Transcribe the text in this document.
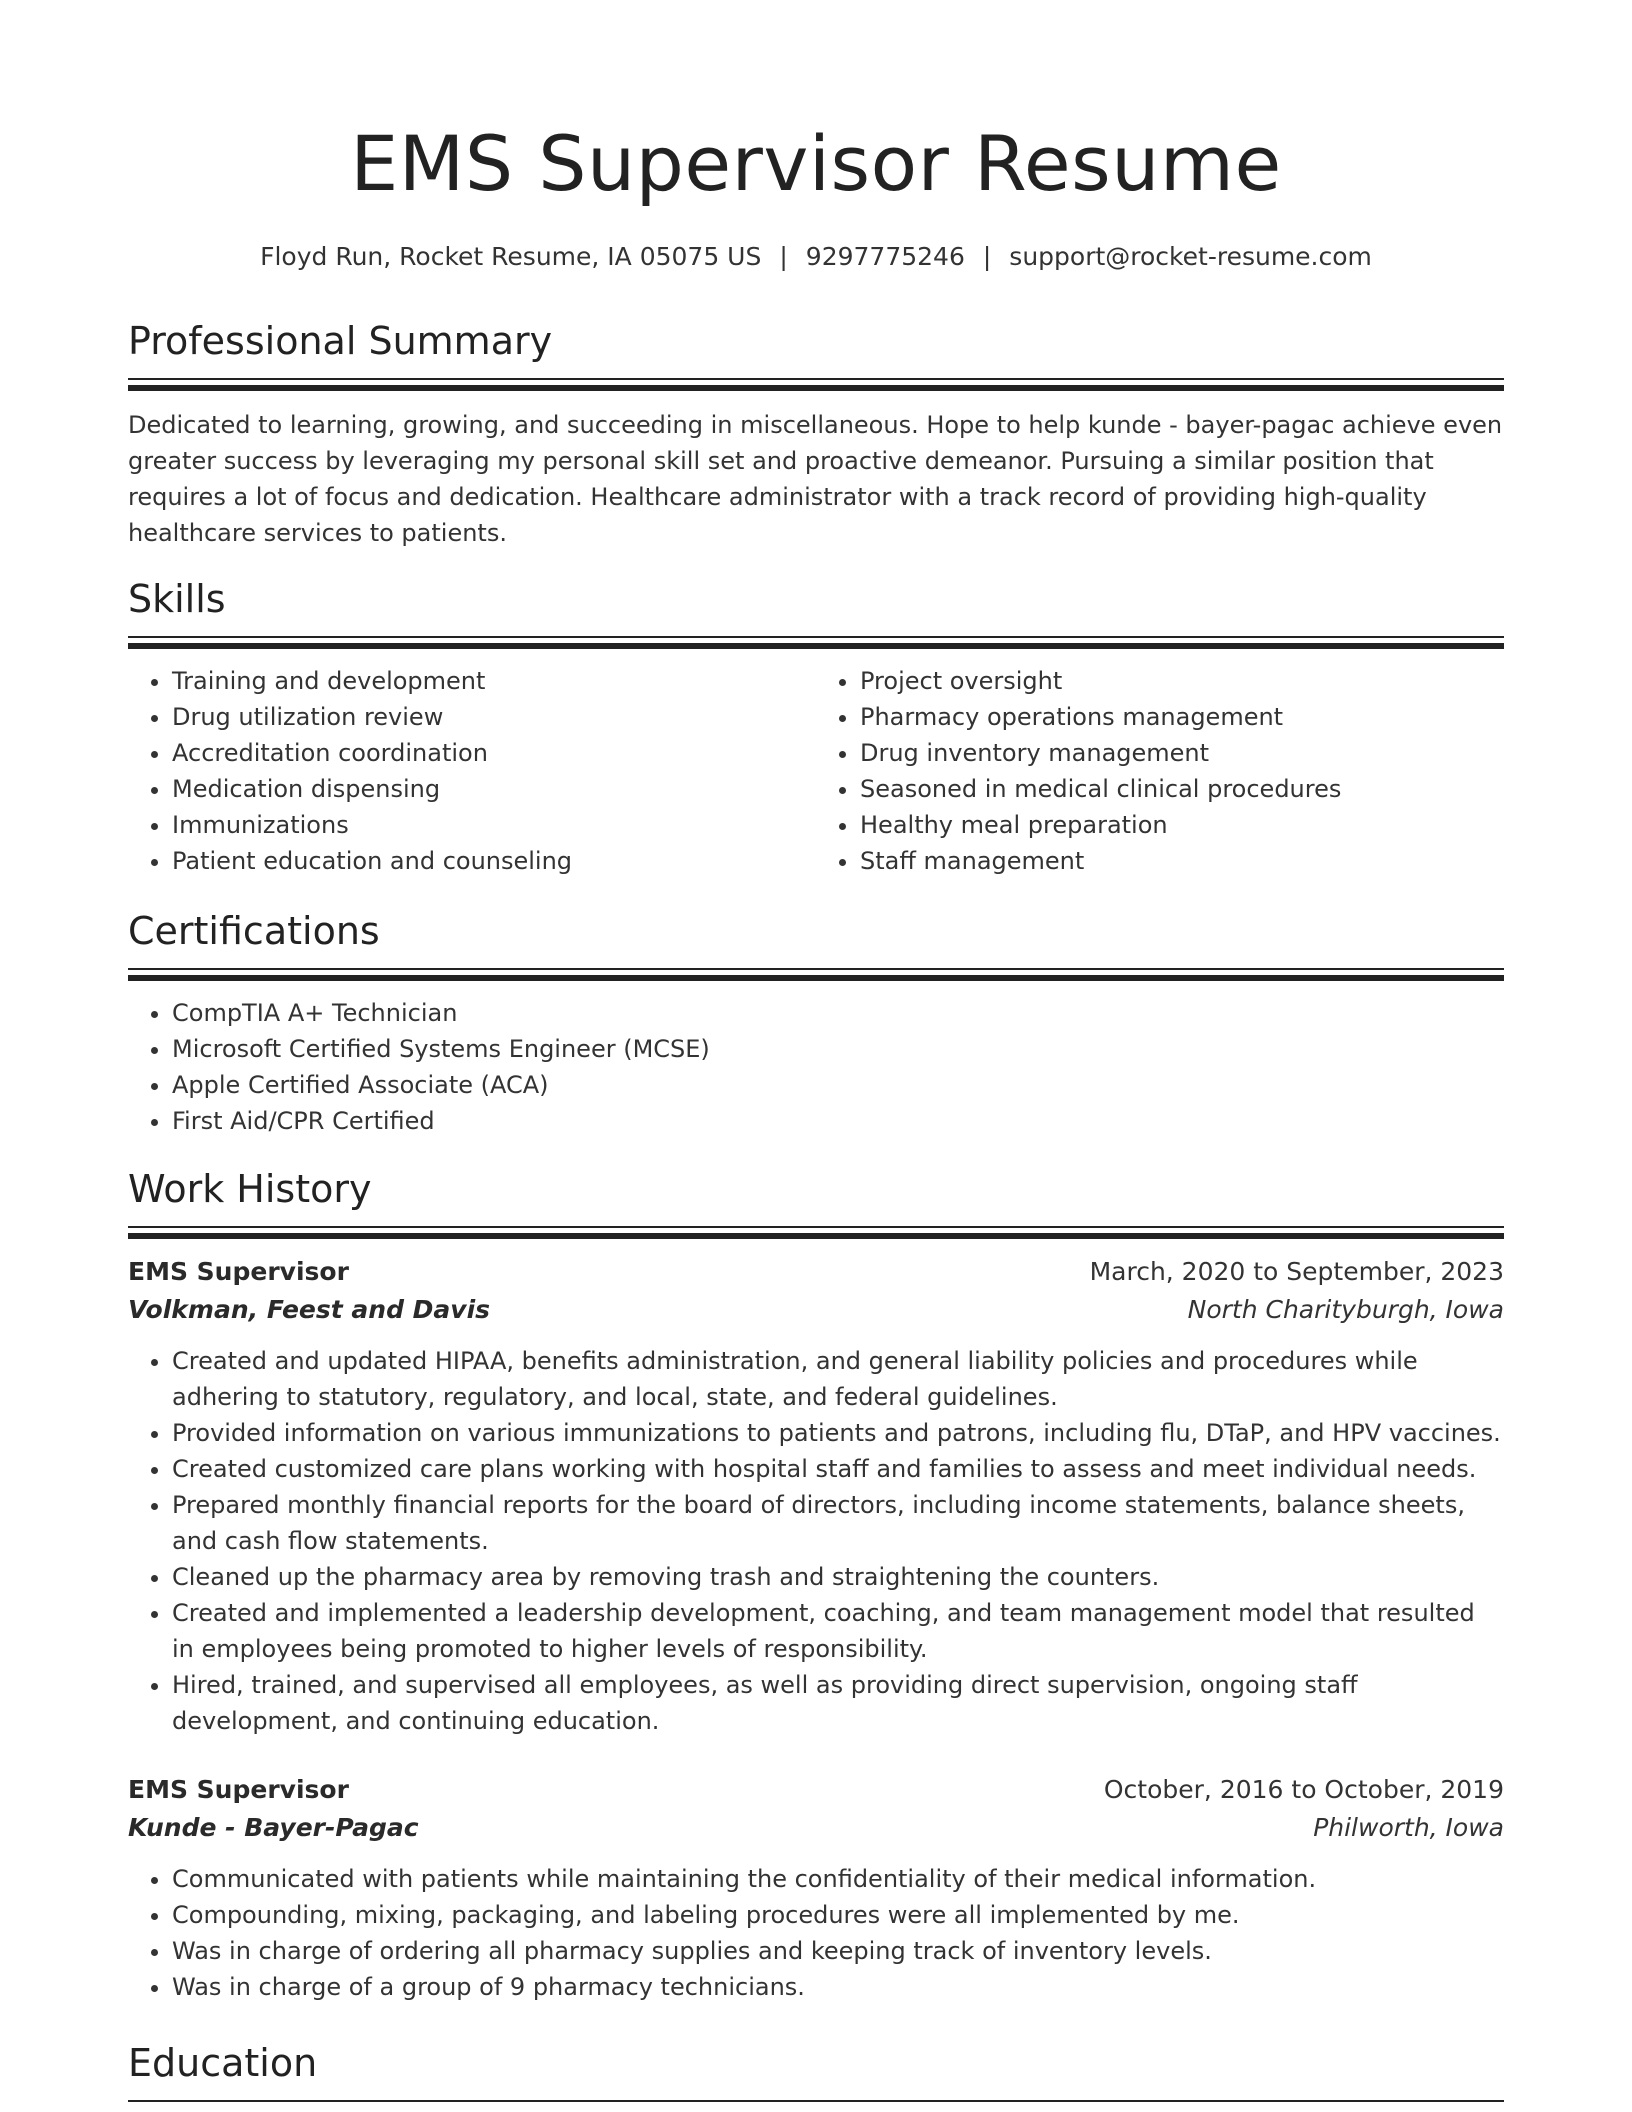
EMS Supervisor Resume
Floyd Run, Rocket Resume, IA 05075 US | 9297775246 | support@rocket-resume.com
Professional Summary

Dedicated to learning, growing, and succeeding in miscellaneous. Hope to help kunde - bayer-pagac achieve even greater success by leveraging my personal skill set and proactive demeanor. Pursuing a similar position that requires a lot of focus and dedication. Healthcare administrator with a track record of providing high-quality healthcare services to patients.

Skills
• Training and development
• Drug utilization review
• Accreditation coordination
• Medication dispensing
• Immunizations
• Patient education and counseling
• Project oversight
• Pharmacy operations management
• Drug inventory management
• Seasoned in medical clinical procedures
• Healthy meal preparation
• Staff management
Certifications
• CompTIA A+ Technician
• Microsoft Certified Systems Engineer (MCSE)
• Apple Certified Associate (ACA)
• First Aid/CPR Certified
Work History
EMS Supervisor	March, 2020 to September, 2023
Volkman, Feest and Davis	North Charityburgh, Iowa
• Created and updated HIPAA, benefits administration, and general liability policies and procedures while adhering to statutory, regulatory, and local, state, and federal guidelines.
• Provided information on various immunizations to patients and patrons, including flu, DTaP, and HPV vaccines.
• Created customized care plans working with hospital staff and families to assess and meet individual needs.
• Prepared monthly financial reports for the board of directors, including income statements, balance sheets, and cash flow statements.
• Cleaned up the pharmacy area by removing trash and straightening the counters.
• Created and implemented a leadership development, coaching, and team management model that resulted in employees being promoted to higher levels of responsibility.
• Hired, trained, and supervised all employees, as well as providing direct supervision, ongoing staff development, and continuing education.
EMS Supervisor	October, 2016 to October, 2019
Kunde - Bayer-Pagac	Philworth, Iowa
• Communicated with patients while maintaining the confidentiality of their medical information.
• Compounding, mixing, packaging, and labeling procedures were all implemented by me.
• Was in charge of ordering all pharmacy supplies and keeping track of inventory levels.
• Was in charge of a group of 9 pharmacy technicians.
Education
